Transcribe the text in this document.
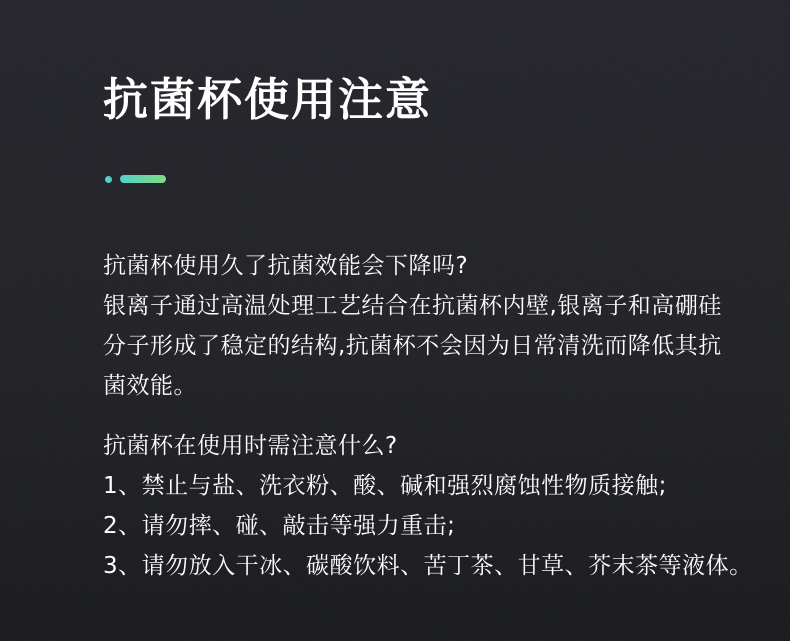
抗菌杯使用注意
抗菌杯使用久了抗菌效能会下降吗?
银离子通过高温处理工艺结合在抗菌杯内壁,银离子和高硼硅
分子形成了稳定的结构,抗菌杯不会因为日常清洗而降低其抗
菌效能。
抗菌杯在使用时需注意什么?
1、禁止与盐、洗衣粉、酸、碱和强烈腐蚀性物质接触;
2、请勿摔、碰、敲击等强力重击;
3、请勿放入干冰、碳酸饮料、苦丁茶、甘草、芥末茶等液体。
